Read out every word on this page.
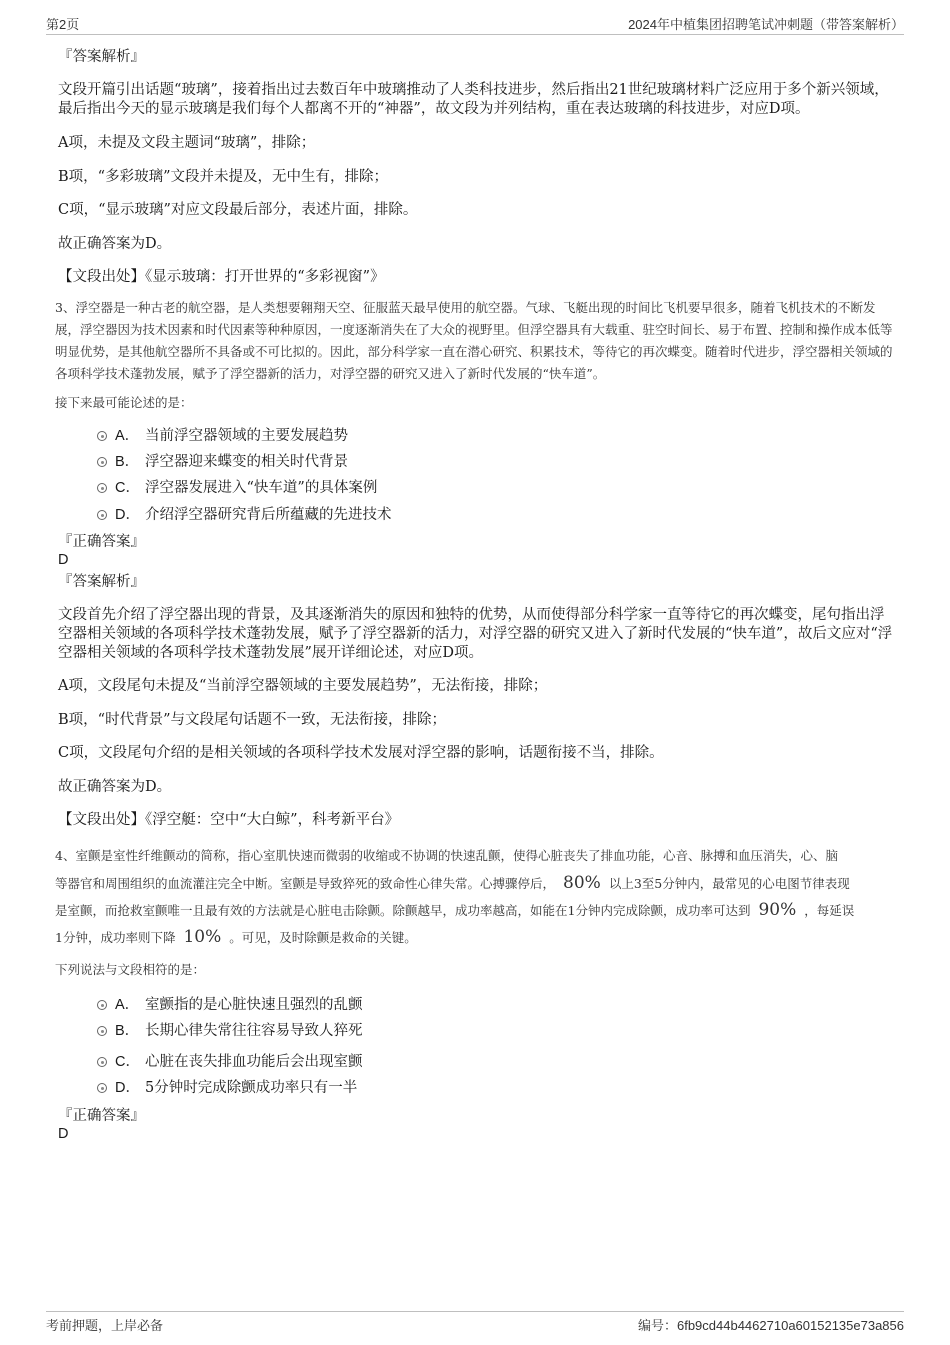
第2页	2024年中植集团招聘笔试冲刺题（带答案解析）
『答案解析』
文段开篇引出话题“玻璃”，接着指出过去数百年中玻璃推动了人类科技进步，然后指出21世纪玻璃材料广泛应用于多个新兴领域，最后指出今天的显示玻璃是我们每个人都离不开的“神器”，故文段为并列结构，重在表达玻璃的科技进步，对应D项。
A项，未提及文段主题词“玻璃”，排除；
B项，“多彩玻璃”文段并未提及，无中生有，排除；
C项，“显示玻璃”对应文段最后部分，表述片面，排除。
故正确答案为D。
【文段出处】《显示玻璃：打开世界的“多彩视窗”》
3、浮空器是一种古老的航空器，是人类想要翱翔天空、征服蓝天最早使用的航空器。气球、飞艇出现的时间比飞机要早很多，随着飞机技术的不断发展，浮空器因为技术因素和时代因素等种种原因，一度逐渐消失在了大众的视野里。但浮空器具有大载重、驻空时间长、易于布置、控制和操作成本低等明显优势，是其他航空器所不具备或不可比拟的。因此，部分科学家一直在潜心研究、积累技术，等待它的再次蝶变。随着时代进步，浮空器相关领域的各项科学技术蓬勃发展，赋予了浮空器新的活力，对浮空器的研究又进入了新时代发展的“快车道”。
接下来最可能论述的是：
A． 当前浮空器领域的主要发展趋势
B． 浮空器迎来蝶变的相关时代背景
C． 浮空器发展进入“快车道”的具体案例
D． 介绍浮空器研究背后所蕴藏的先进技术
『正确答案』
D
『答案解析』
文段首先介绍了浮空器出现的背景，及其逐渐消失的原因和独特的优势，从而使得部分科学家一直等待它的再次蝶变，尾句指出浮空器相关领域的各项科学技术蓬勃发展，赋予了浮空器新的活力，对浮空器的研究又进入了新时代发展的“快车道”，故后文应对“浮空器相关领域的各项科学技术蓬勃发展”展开详细论述，对应D项。
A项，文段尾句未提及“当前浮空器领域的主要发展趋势”，无法衔接，排除；
B项，“时代背景”与文段尾句话题不一致，无法衔接，排除；
C项，文段尾句介绍的是相关领域的各项科学技术发展对浮空器的影响，话题衔接不当，排除。
故正确答案为D。
【文段出处】《浮空艇：空中“大白鲸”，科考新平台》
4、室颤是室性纤维颤动的简称，指心室肌快速而微弱的收缩或不协调的快速乱颤，使得心脏丧失了排血功能，心音、脉搏和血压消失，心、脑
等器官和周围组织的血流灌注完全中断。室颤是导致猝死的致命性心律失常。心搏骤停后， 80% 以上3至5分钟内，最常见的心电图节律表现
是室颤，而抢救室颤唯一且最有效的方法就是心脏电击除颤。除颤越早，成功率越高，如能在1分钟内完成除颤，成功率可达到 90% ，每延误
1分钟，成功率则下降 10% 。可见，及时除颤是救命的关键。
下列说法与文段相符的是：
A． 室颤指的是心脏快速且强烈的乱颤
B． 长期心律失常往往容易导致人猝死
C． 心脏在丧失排血功能后会出现室颤
D． 5分钟时完成除颤成功率只有一半
『正确答案』
D
考前押题，上岸必备	编号：6fb9cd44b4462710a60152135e73a856
